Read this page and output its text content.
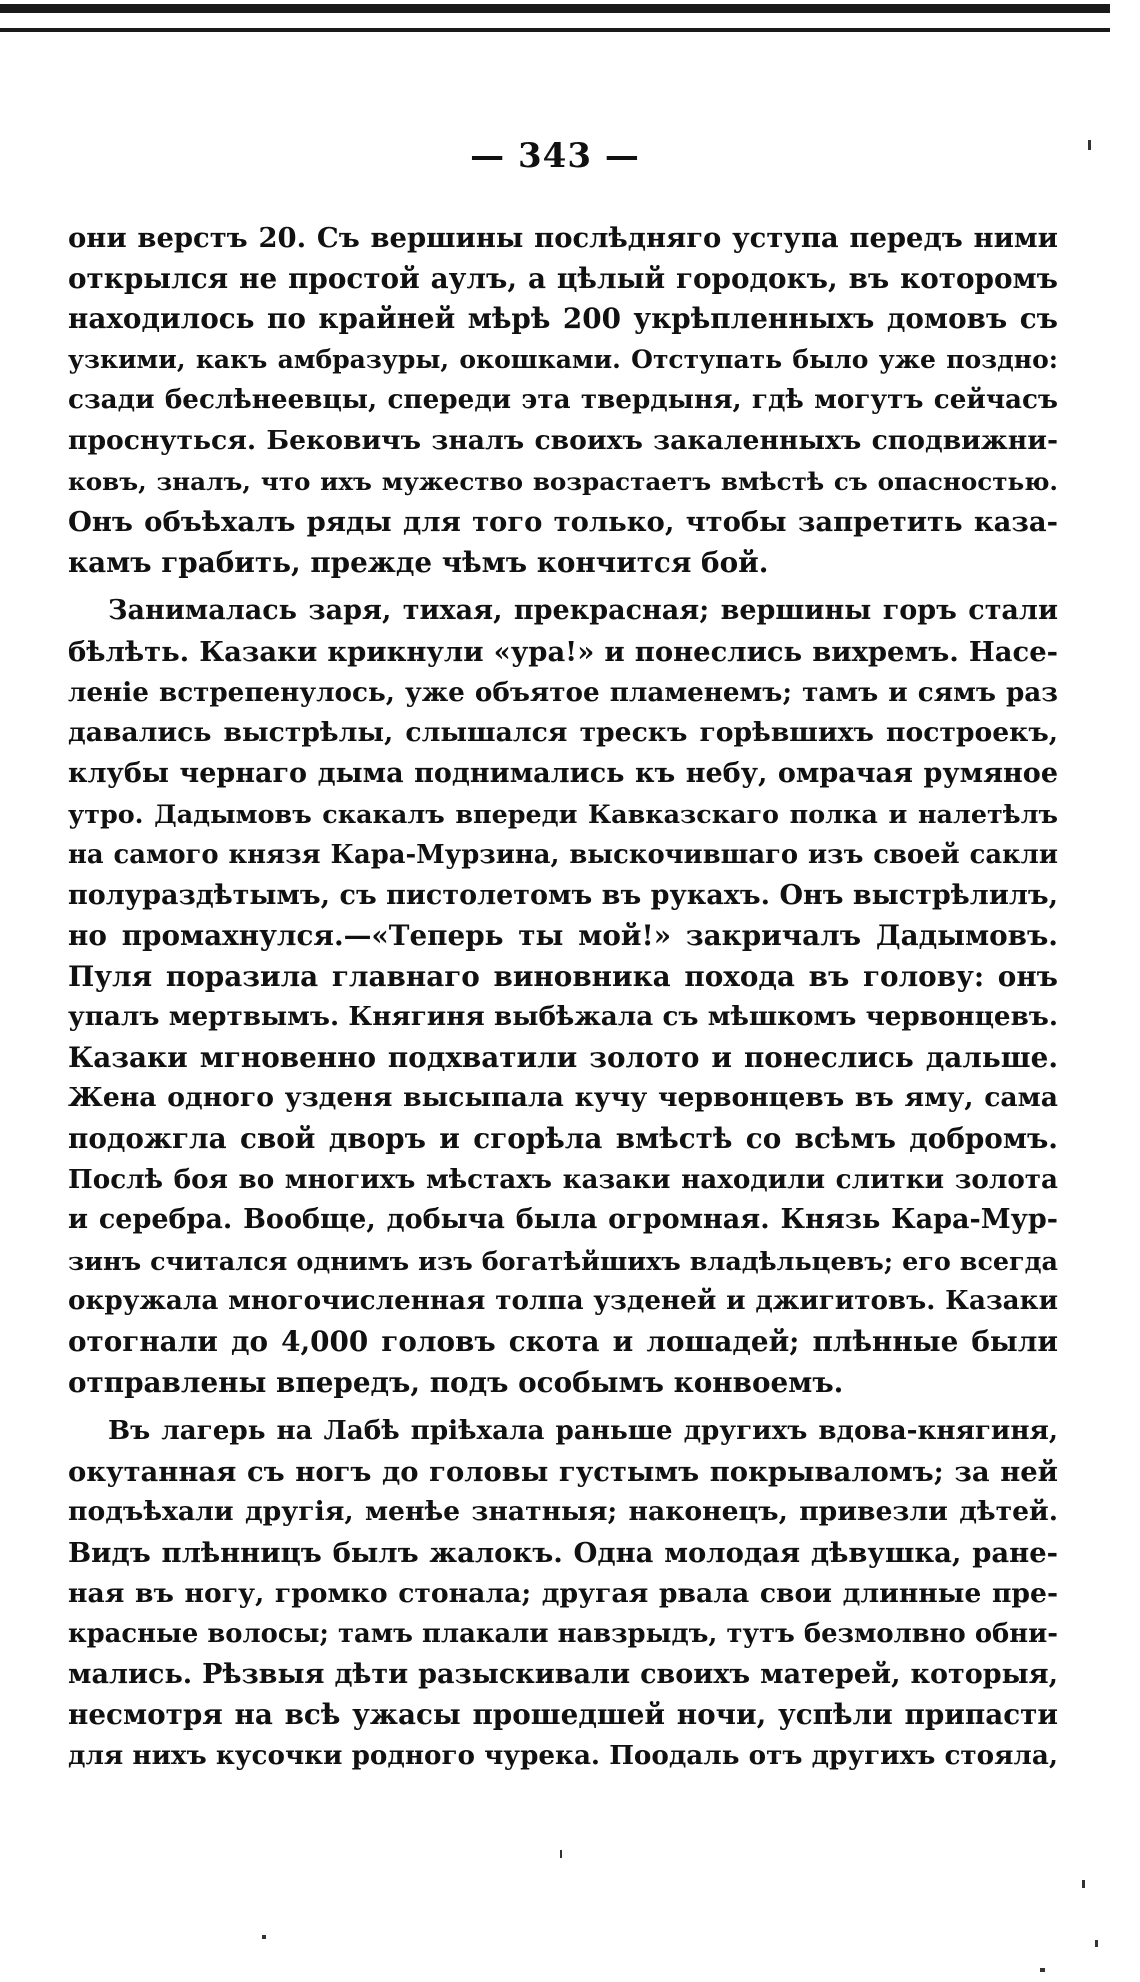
— 343 —
они верстъ 20. Съ вершины послѣдняго уступа передъ ними
открылся не простой аулъ, а цѣлый городокъ, въ которомъ
находилось по крайней мѣрѣ 200 укрѣпленныхъ домовъ съ
узкими, какъ амбразуры, окошками. Отступать было уже поздно:
сзади беслѣнеевцы, спереди эта твердыня, гдѣ могутъ сейчасъ
проснуться. Бековичъ зналъ своихъ закаленныхъ сподвижни-
ковъ, зналъ, что ихъ мужество возрастаетъ вмѣстѣ съ опасностью.
Онъ объѣхалъ ряды для того только, чтобы запретить каза-
камъ грабить, прежде чѣмъ кончится бой.
Занималась заря, тихая, прекрасная; вершины горъ стали
бѣлѣть. Казаки крикнули «ура!» и понеслись вихремъ. Насе-
леніе встрепенулось, уже объятое пламенемъ; тамъ и сямъ раз
давались выстрѣлы, слышался трескъ горѣвшихъ построекъ,
клубы чернаго дыма поднимались къ небу, омрачая румяное
утро. Дадымовъ скакалъ впереди Кавказскаго полка и налетѣлъ
на самого князя Кара-Мурзина, выскочившаго изъ своей сакли
полураздѣтымъ, съ пистолетомъ въ рукахъ. Онъ выстрѣлилъ,
но промахнулся.—«Теперь ты мой!» закричалъ Дадымовъ.
Пуля поразила главнаго виновника похода въ голову: онъ
упалъ мертвымъ. Княгиня выбѣжала съ мѣшкомъ червонцевъ.
Казаки мгновенно подхватили золото и понеслись дальше.
Жена одного узденя высыпала кучу червонцевъ въ яму, сама
подожгла свой дворъ и сгорѣла вмѣстѣ со всѣмъ добромъ.
Послѣ боя во многихъ мѣстахъ казаки находили слитки золота
и серебра. Вообще, добыча была огромная. Князь Кара-Мур-
зинъ считался однимъ изъ богатѣйшихъ владѣльцевъ; его всегда
окружала многочисленная толпа узденей и джигитовъ. Казаки
отогнали до 4,000 головъ скота и лошадей; плѣнные были
отправлены впередъ, подъ особымъ конвоемъ.
Въ лагерь на Лабѣ пріѣхала раньше другихъ вдова-княгиня,
окутанная съ ногъ до головы густымъ покрываломъ; за ней
подъѣхали другія, менѣе знатныя; наконецъ, привезли дѣтей.
Видъ плѣнницъ былъ жалокъ. Одна молодая дѣвушка, ране-
ная въ ногу, громко стонала; другая рвала свои длинные пре-
красные волосы; тамъ плакали навзрыдъ, тутъ безмолвно обни-
мались. Рѣзвыя дѣти разыскивали своихъ матерей, которыя,
несмотря на всѣ ужасы прошедшей ночи, успѣли припасти
для нихъ кусочки родного чурека. Поодаль отъ другихъ стояла,
